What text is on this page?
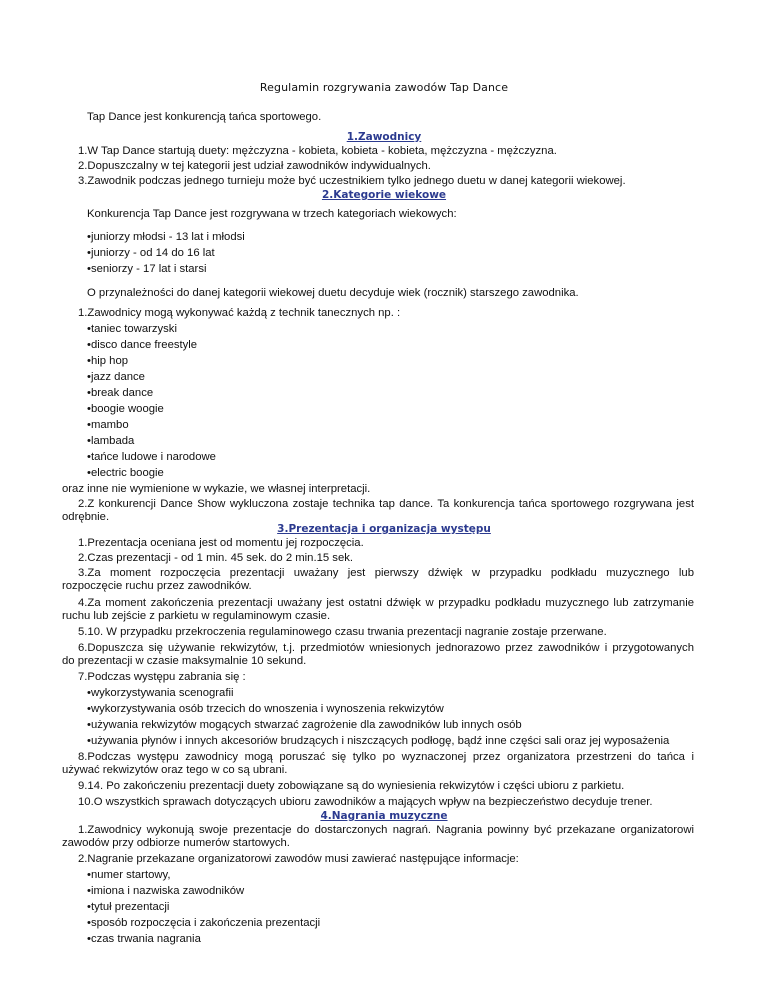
Regulamin rozgrywania zawodów Tap Dance
Tap Dance jest konkurencją tańca sportowego.
1.Zawodnicy
1.W Tap Dance startują duety: mężczyzna - kobieta, kobieta - kobieta, mężczyzna - mężczyzna.
2.Dopuszczalny w tej kategorii jest udział zawodników indywidualnych.
3.Zawodnik podczas jednego turnieju może być uczestnikiem tylko jednego duetu w danej kategorii wiekowej.
2.Kategorie wiekowe
Konkurencja Tap Dance jest rozgrywana w trzech kategoriach wiekowych:
•juniorzy młodsi - 13 lat i młodsi
•juniorzy - od 14 do 16 lat
•seniorzy - 17 lat i starsi
O przynależności do danej kategorii wiekowej duetu decyduje wiek (rocznik) starszego zawodnika.
1.Zawodnicy mogą wykonywać każdą z technik tanecznych np. :
•taniec towarzyski
•disco dance freestyle
•hip hop
•jazz dance
•break dance
•boogie woogie
•mambo
•lambada
•tańce ludowe i narodowe
•electric boogie
oraz inne nie wymienione w wykazie, we własnej interpretacji.
2.Z konkurencji Dance Show wykluczona zostaje technika tap dance. Ta konkurencja tańca sportowego rozgrywana jest
odrębnie.
3.Prezentacja i organizacja występu
1.Prezentacja oceniana jest od momentu jej rozpoczęcia.
2.Czas prezentacji - od 1 min. 45 sek. do 2 min.15 sek.
3.Za moment rozpoczęcia prezentacji uważany jest pierwszy dźwięk w przypadku podkładu muzycznego lub
rozpoczęcie ruchu przez zawodników.
4.Za moment zakończenia prezentacji uważany jest ostatni dźwięk w przypadku podkładu muzycznego lub zatrzymanie
ruchu lub zejście z parkietu w regulaminowym czasie.
5.10. W przypadku przekroczenia regulaminowego czasu trwania prezentacji nagranie zostaje przerwane.
6.Dopuszcza się używanie rekwizytów, t.j. przedmiotów wniesionych jednorazowo przez zawodników i przygotowanych
do prezentacji w czasie maksymalnie 10 sekund.
7.Podczas występu zabrania się :
•wykorzystywania scenografii
•wykorzystywania osób trzecich do wnoszenia i wynoszenia rekwizytów
•używania rekwizytów mogących stwarzać zagrożenie dla zawodników lub innych osób
•używania płynów i innych akcesoriów brudzących i niszczących podłogę, bądź inne części sali oraz jej wyposażenia
8.Podczas występu zawodnicy mogą poruszać się tylko po wyznaczonej przez organizatora przestrzeni do tańca i
używać rekwizytów oraz tego w co są ubrani.
9.14. Po zakończeniu prezentacji duety zobowiązane są do wyniesienia rekwizytów i części ubioru z parkietu.
10.O wszystkich sprawach dotyczących ubioru zawodników a mających wpływ na bezpieczeństwo decyduje trener.
4.Nagrania muzyczne
1.Zawodnicy wykonują swoje prezentacje do dostarczonych nagrań. Nagrania powinny być przekazane organizatorowi
zawodów przy odbiorze numerów startowych.
2.Nagranie przekazane organizatorowi zawodów musi zawierać następujące informacje:
•numer startowy,
•imiona i nazwiska zawodników
•tytuł prezentacji
•sposób rozpoczęcia i zakończenia prezentacji
•czas trwania nagrania
